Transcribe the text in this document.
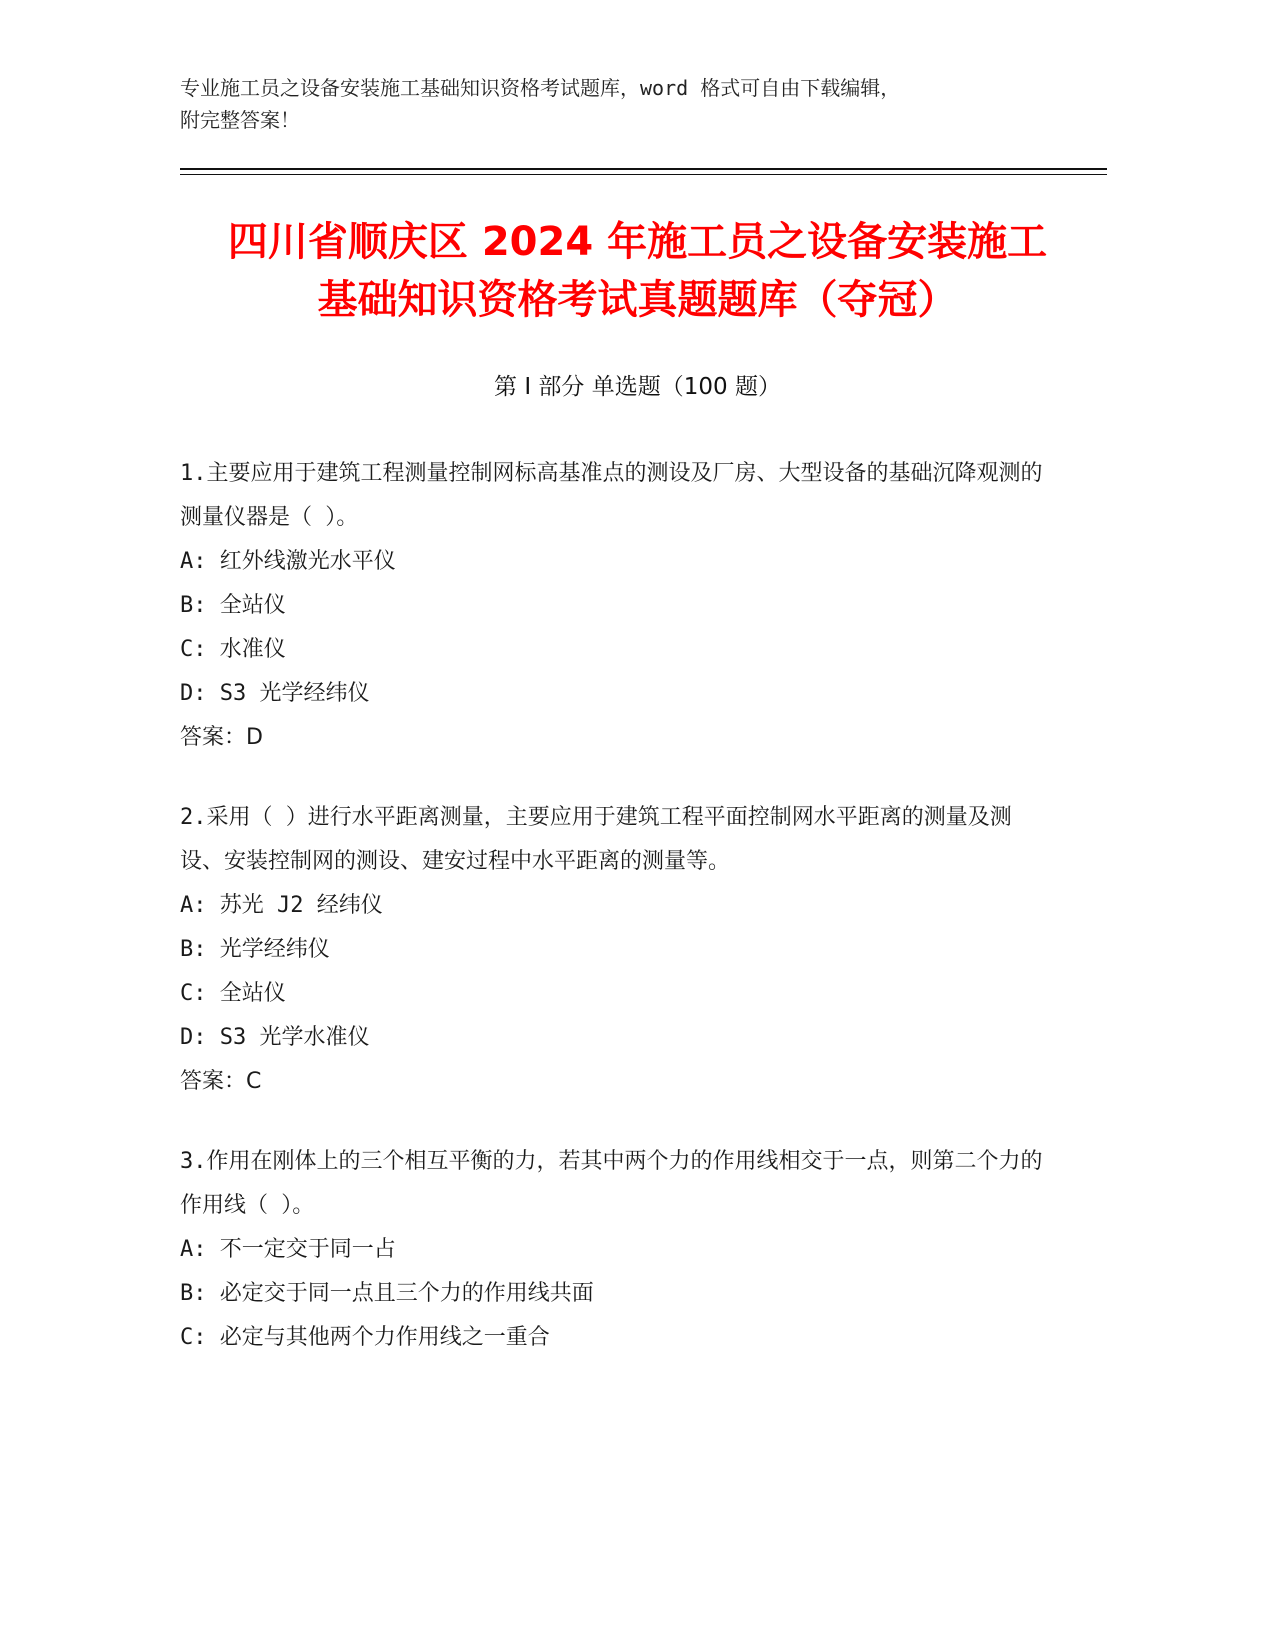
专业施工员之设备安装施工基础知识资格考试题库，word 格式可自由下载编辑，
附完整答案！
四川省顺庆区 2024 年施工员之设备安装施工
基础知识资格考试真题题库（夺冠）
第 I 部分 单选题（100 题）

1.主要应用于建筑工程测量控制网标高基准点的测设及厂房、大型设备的基础沉降观测的测量仪器是（ ）。

A: 红外线激光水平仪

B: 全站仪

C: 水准仪

D: S3 光学经纬仪

答案：D

2.采用（ ）进行水平距离测量，主要应用于建筑工程平面控制网水平距离的测量及测设、安装控制网的测设、建安过程中水平距离的测量等。

A: 苏光 J2 经纬仪

B: 光学经纬仪

C: 全站仪

D: S3 光学水准仪

答案：C

3.作用在刚体上的三个相互平衡的力，若其中两个力的作用线相交于一点，则第二个力的作用线（ ）。

A: 不一定交于同一占

B: 必定交于同一点且三个力的作用线共面

C: 必定与其他两个力作用线之一重合
